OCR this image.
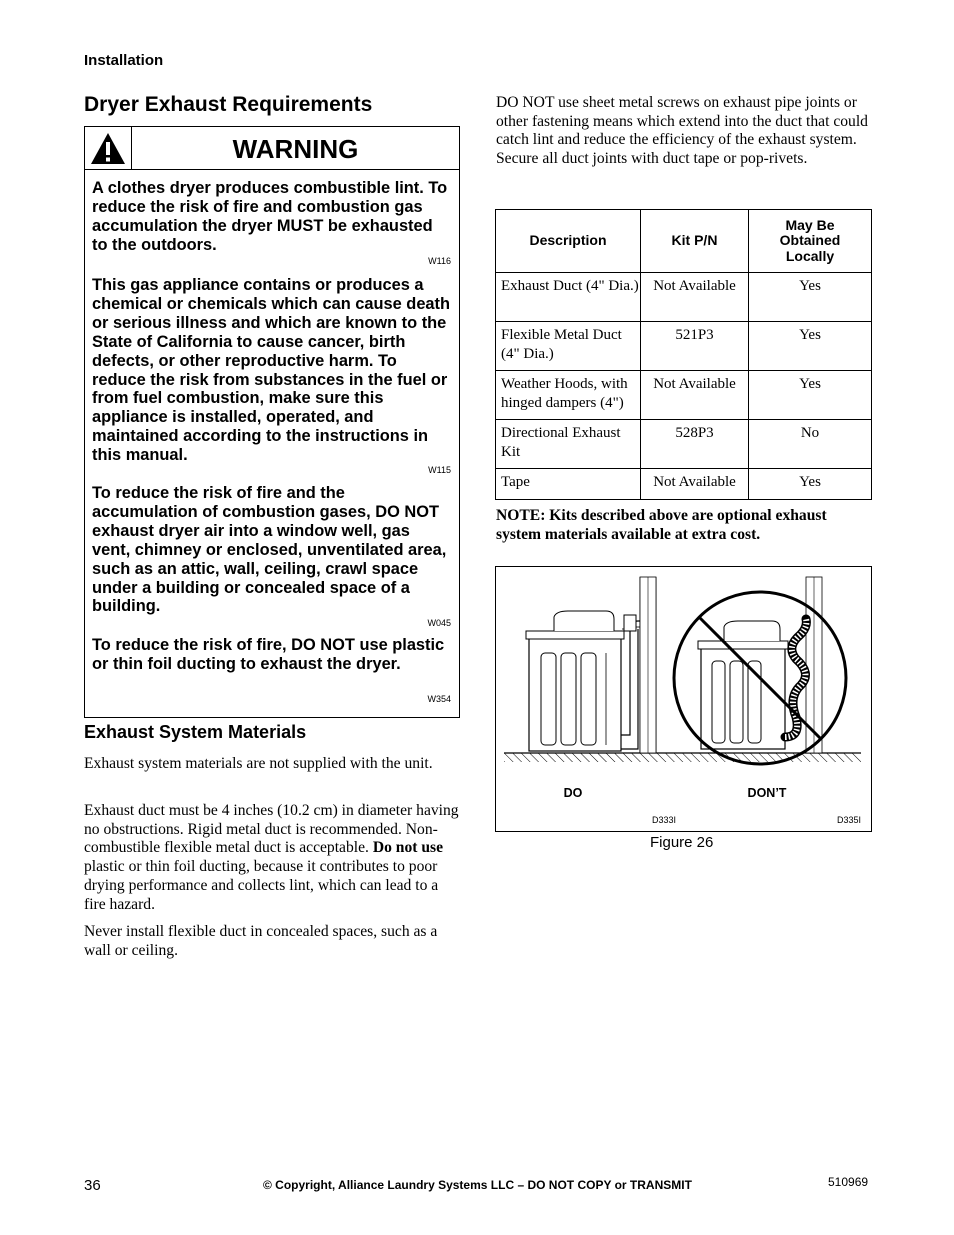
Installation
Dryer Exhaust Requirements
WARNING
A clothes dryer produces combustible lint. To reduce the risk of fire and combustion gas accumulation the dryer MUST be exhausted to the outdoors.
W116
This gas appliance contains or produces a chemical or chemicals which can cause death or serious illness and which are known to the State of California to cause cancer, birth defects, or other reproductive harm. To reduce the risk from substances in the fuel or from fuel combustion, make sure this appliance is installed, operated, and maintained according to the instructions in this manual.
W115
To reduce the risk of fire and the accumulation of combustion gases, DO NOT exhaust dryer air into a window well, gas vent, chimney or enclosed, unventilated area, such as an attic, wall, ceiling, crawl space under a building or concealed space of a building.
W045
To reduce the risk of fire, DO NOT use plastic or thin foil ducting to exhaust the dryer.
W354
Exhaust System Materials
Exhaust system materials are not supplied with the unit.
Exhaust duct must be 4 inches (10.2 cm) in diameter having no obstructions. Rigid metal duct is recommended. Non-combustible flexible metal duct is acceptable. Do not use plastic or thin foil ducting, because it contributes to poor drying performance and collects lint, which can lead to a fire hazard.
Never install flexible duct in concealed spaces, such as a wall or ceiling.
DO NOT use sheet metal screws on exhaust pipe joints or other fastening means which extend into the duct that could catch lint and reduce the efficiency of the exhaust system. Secure all duct joints with duct tape or pop-rivets.
Description	Kit P/N	May Be Obtained Locally

Exhaust Duct (4" Dia.)	Not Available	Yes
Flexible Metal Duct (4" Dia.)	521P3	Yes
Weather Hoods, with hinged dampers (4")	Not Available	Yes
Directional Exhaust Kit	528P3	No
Tape	Not Available	Yes
NOTE: Kits described above are optional exhaust system materials available at extra cost.
DO	DON’T
D333I	D335I
Figure 26
36	© Copyright, Alliance Laundry Systems LLC – DO NOT COPY or TRANSMIT	510969
